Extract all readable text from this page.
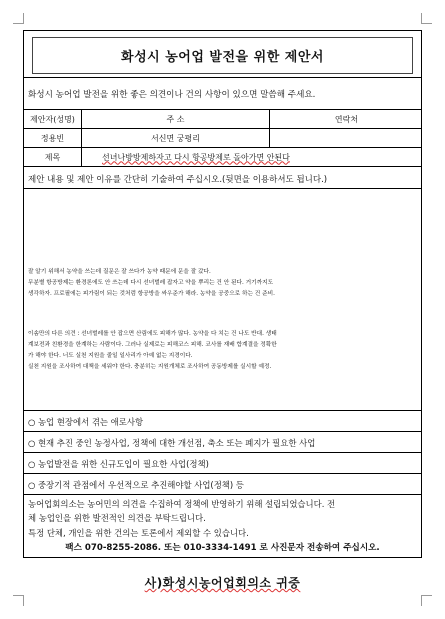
화성시 농어업 발전을 위한 제안서
화성시 농어업 발전을 위한 좋은 의견이나 건의 사항이 있으면 말씀해 주세요.
제안자(성명)	주 소	연락처
정용빈	서신면 궁평리
제목	선녀나방방제하자고 다시 항공방제로 돌아가면 안된다
제안 내용 및 제안 이유를 간단히 기술하여 주십시오.(뒷면을 이용하셔도 됩니다.)
잘 알기 위해서 농약을 쓰는데 질문은 잘 쓰다가 농약 때문에 문을 잘 갔다.
무분별 항공방제는 환경론에도 안 쓰는데 다시 선녀벌레 잡자고 약을 뿌리는 건 안 된다. 거기까지도
생각하자. 프로필에는 피가림이 되는 것처럼 항공방을 싸우준가 해라. 농약을 공중으로 하는 건 준비.
이솜만의 다른 의견 : 선녀벌레를 안 잡으면 산림에도 피해가 많다. 농약을 다 치는 건 나도 반대. 생태
계보전과 친환경을 한계하는 사람이다. 그러나 실제로는 피해코스 피해. 코사를 재배 합계결을 정확한
가 해야 한다. 너도 실천 지원을 줄일 일사리가 아예 없는 지경이다.
실천 지원을 조사하여 대책을 세워야 한다. 충분히는 지원개체로 조사하여 공동방제를 실시할 예정.
○ 농업 현장에서 겪는 애로사항
○ 현재 추진 중인 농정사업, 정책에 대한 개선점, 축소 또는 폐지가 필요한 사업
○ 농업발전을 위한 신규도입이 필요한 사업(정책)
○ 중장기적 관점에서 우선적으로 추진해야할 사업(정책) 등
농어업회의소는 농어민의 의견을 수집하여 정책에 반영하기 위해 설립되었습니다. 전
체 농업인을 위한 발전적인 의견을 부탁드립니다.
특정 단체, 개인을 위한 건의는 토론에서 제외할 수 있습니다.
팩스 070-8255-2086. 또는 010-3334-1491 로 사진문자 전송하여 주십시오.
사)화성시농어업회의소 귀중
